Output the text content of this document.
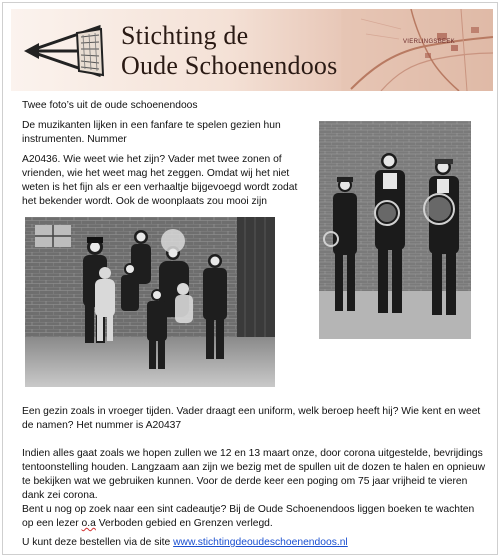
Stichting de
Oude Schoenendoos
VIERLINGSBEEK
Twee foto’s uit de oude schoenendoos
De muzikanten lijken in een fanfare te spelen gezien hun instrumenten. Nummer
A20436. Wie weet wie het zijn? Vader met twee zonen of vrienden, wie het weet mag het zeggen. Omdat wij het niet weten is het fijn als er een verhaaltje bijgevoegd wordt zodat het bekender wordt. Ook de woonplaats zou mooi zijn
Een gezin zoals in vroeger tijden. Vader draagt een uniform, welk beroep heeft hij? Wie kent en weet de namen? Het nummer is A20437
Indien alles gaat zoals we hopen zullen we 12 en 13 maart onze, door corona uitgestelde, bevrijdings tentoonstelling houden. Langzaam aan zijn we bezig met de spullen uit de dozen te halen en opnieuw te bekijken wat we gebruiken kunnen. Voor de derde keer een poging om 75 jaar vrijheid te vieren dank zei corona.
Bent u nog op zoek naar een sint cadeautje? Bij de Oude Schoenendoos liggen boeken te wachten op een lezer o.a Verboden gebied en Grenzen verlegd.
U kunt deze bestellen via de site www.stichtingdeoudeschoenendoos.nl
